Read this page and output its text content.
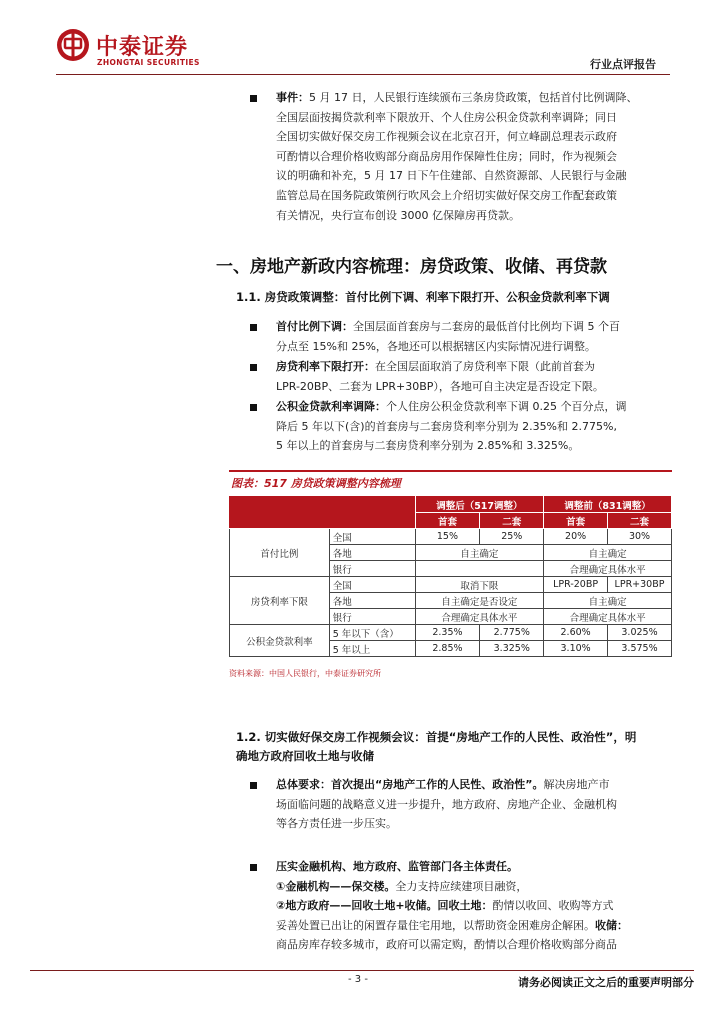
中泰证券
ZHONGTAI SECURITIES	行业点评报告
事件：5 月 17 日，人民银行连续颁布三条房贷政策，包括首付比例调降、
全国层面按揭贷款利率下限放开、个人住房公积金贷款利率调降；同日
全国切实做好保交房工作视频会议在北京召开，何立峰副总理表示政府
可酌情以合理价格收购部分商品房用作保障性住房；同时，作为视频会
议的明确和补充，5 月 17 日下午住建部、自然资源部、人民银行与金融
监管总局在国务院政策例行吹风会上介绍切实做好保交房工作配套政策
有关情况，央行宣布创设 3000 亿保障房再贷款。
一、房地产新政内容梳理：房贷政策、收储、再贷款
1.1. 房贷政策调整：首付比例下调、利率下限打开、公积金贷款利率下调
首付比例下调：全国层面首套房与二套房的最低首付比例均下调 5 个百
分点至 15%和 25%，各地还可以根据辖区内实际情况进行调整。
房贷利率下限打开：在全国层面取消了房贷利率下限（此前首套为
LPR-20BP、二套为 LPR+30BP），各地可自主决定是否设定下限。
公积金贷款利率调降：个人住房公积金贷款利率下调 0.25 个百分点，调
降后 5 年以下(含)的首套房与二套房贷利率分别为 2.35%和 2.775%,
5 年以上的首套房与二套房贷利率分别为 2.85%和 3.325%。
图表：517 房贷政策调整内容梳理
		调整后（517调整）		调整前（831调整）	
		首套	二套	首套	二套
首付比例	全国	15%	25%	20%	30%
	各地	自主确定		自主确定	
	银行			合理确定具体水平	
房贷利率下限	全国	取消下限		LPR-20BP	LPR+30BP
	各地	自主确定是否设定		自主确定	
	银行	合理确定具体水平		合理确定具体水平	
公积金贷款利率	5 年以下（含）	2.35%	2.775%	2.60%	3.025%
	5 年以上	2.85%	3.325%	3.10%	3.575%
资料来源：中国人民银行，中泰证券研究所
1.2. 切实做好保交房工作视频会议：首提“房地产工作的人民性、政治性”，明
确地方政府回收土地与收储
总体要求：首次提出“房地产工作的人民性、政治性”。解决房地产市
场面临问题的战略意义进一步提升，地方政府、房地产企业、金融机构
等各方责任进一步压实。
压实金融机构、地方政府、监管部门各主体责任。
①金融机构——保交楼。全力支持应续建项目融资，
②地方政府——回收土地+收储。回收土地：酌情以收回、收购等方式
妥善处置已出让的闲置存量住宅用地，以帮助资金困难房企解困。收储：
商品房库存较多城市，政府可以需定购，酌情以合理价格收购部分商品
- 3 -	请务必阅读正文之后的重要声明部分
